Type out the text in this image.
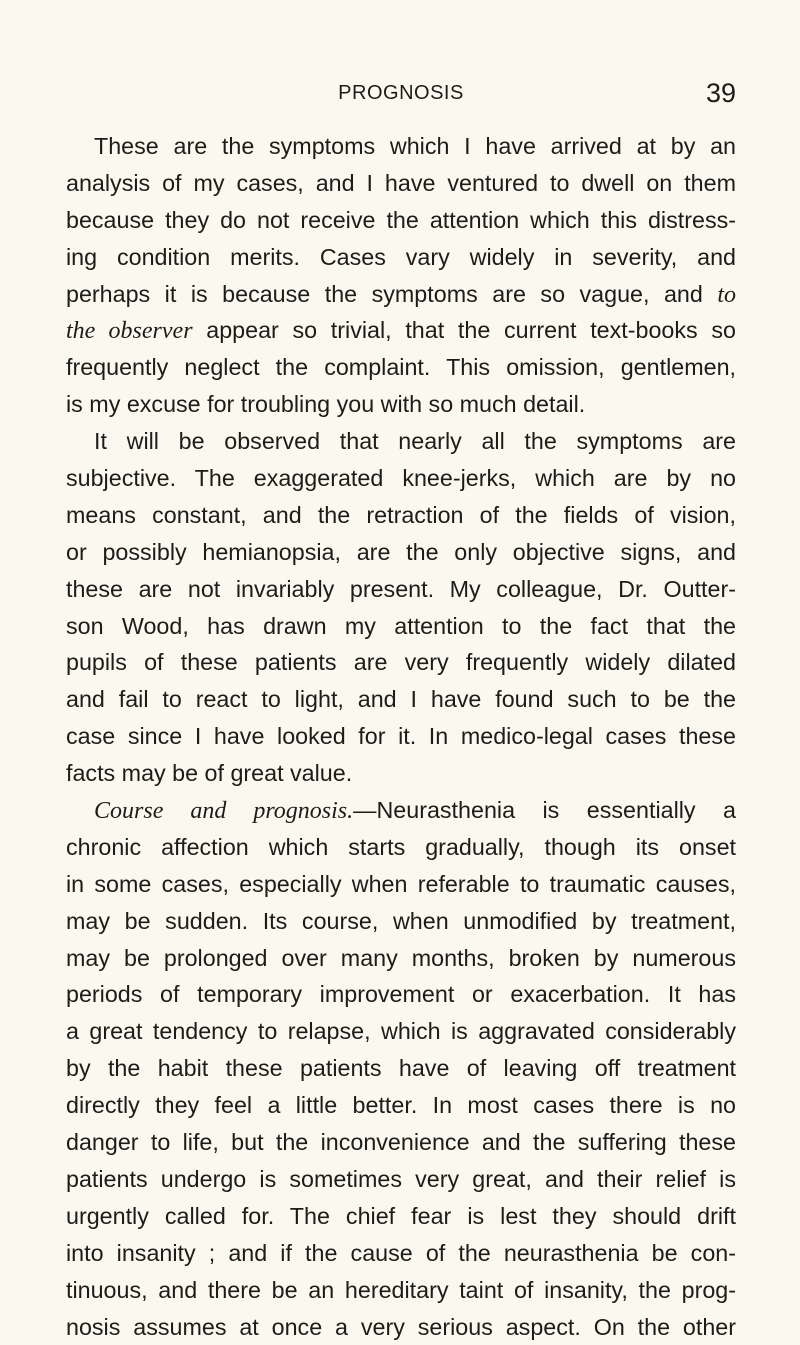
PROGNOSIS	39
These are the symptoms which I have arrived at by an
analysis of my cases, and I have ventured to dwell on them
because they do not receive the attention which this distress-
ing condition merits. Cases vary widely in severity, and
perhaps it is because the symptoms are so vague, and to
the observer appear so trivial, that the current text-books so
frequently neglect the complaint. This omission, gentlemen,
is my excuse for troubling you with so much detail.
It will be observed that nearly all the symptoms are
subjective. The exaggerated knee-jerks, which are by no
means constant, and the retraction of the fields of vision,
or possibly hemianopsia, are the only objective signs, and
these are not invariably present. My colleague, Dr. Outter-
son Wood, has drawn my attention to the fact that the
pupils of these patients are very frequently widely dilated
and fail to react to light, and I have found such to be the
case since I have looked for it. In medico-legal cases these
facts may be of great value.
Course and prognosis.—Neurasthenia is essentially a
chronic affection which starts gradually, though its onset
in some cases, especially when referable to traumatic causes,
may be sudden. Its course, when unmodified by treatment,
may be prolonged over many months, broken by numerous
periods of temporary improvement or exacerbation. It has
a great tendency to relapse, which is aggravated considerably
by the habit these patients have of leaving off treatment
directly they feel a little better. In most cases there is no
danger to life, but the inconvenience and the suffering these
patients undergo is sometimes very great, and their relief is
urgently called for. The chief fear is lest they should drift
into insanity ; and if the cause of the neurasthenia be con-
tinuous, and there be an hereditary taint of insanity, the prog-
nosis assumes at once a very serious aspect. On the other
